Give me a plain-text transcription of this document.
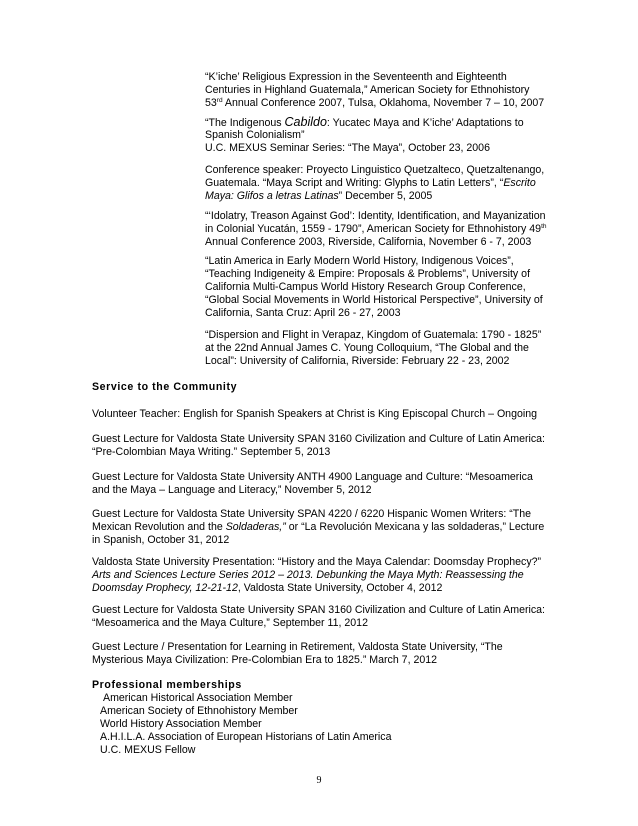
“K’iche’ Religious Expression in the Seventeenth and Eighteenth

Centuries in Highland Guatemala,” American Society for Ethnohistory

53rd Annual Conference 2007, Tulsa, Oklahoma, November 7 – 10, 2007

“The Indigenous Cabildo: Yucatec Maya and K’iche’ Adaptations to

Spanish Colonialism”

U.C. MEXUS Seminar Series: “The Maya”, October 23, 2006

Conference speaker: Proyecto Linguistico Quetzalteco, Quetzaltenango,

Guatemala. “Maya Script and Writing: Glyphs to Latin Letters”, “Escrito

Maya: Glifos a letras Latinas” December 5, 2005

“‘Idolatry, Treason Against God’: Identity, Identification, and Mayanization

in Colonial Yucatán, 1559 - 1790”, American Society for Ethnohistory 49th

Annual Conference 2003, Riverside, California, November 6 - 7, 2003

“Latin America in Early Modern World History, Indigenous Voices”,

“Teaching Indigeneity & Empire: Proposals & Problems”, University of

California Multi-Campus World History Research Group Conference,

“Global Social Movements in World Historical Perspective”, University of

California, Santa Cruz: April 26 - 27, 2003

“Dispersion and Flight in Verapaz, Kingdom of Guatemala: 1790 - 1825”

at the 22nd Annual James C. Young Colloquium, “The Global and the

Local”: University of California, Riverside: February 22 - 23, 2002

Service to the Community

Volunteer Teacher: English for Spanish Speakers at Christ is King Episcopal Church – Ongoing

Guest Lecture for Valdosta State University SPAN 3160 Civilization and Culture of Latin America:

“Pre-Colombian Maya Writing.” September 5, 2013

Guest Lecture for Valdosta State University ANTH 4900 Language and Culture: “Mesoamerica

and the Maya – Language and Literacy,” November 5, 2012

Guest Lecture for Valdosta State University SPAN 4220 / 6220 Hispanic Women Writers: “The

Mexican Revolution and the Soldaderas,” or “La Revolución Mexicana y las soldaderas,” Lecture

in Spanish, October 31, 2012

Valdosta State University Presentation: “History and the Maya Calendar: Doomsday Prophecy?”

Arts and Sciences Lecture Series 2012 – 2013. Debunking the Maya Myth: Reassessing the

Doomsday Prophecy, 12-21-12, Valdosta State University, October 4, 2012

Guest Lecture for Valdosta State University SPAN 3160 Civilization and Culture of Latin America:

“Mesoamerica and the Maya Culture,” September 11, 2012

Guest Lecture / Presentation for Learning in Retirement, Valdosta State University, “The

Mysterious Maya Civilization: Pre-Colombian Era to 1825.” March 7, 2012

Professional memberships

American Historical Association Member

American Society of Ethnohistory Member

World History Association Member

A.H.I.L.A. Association of European Historians of Latin America

U.C. MEXUS Fellow

9
